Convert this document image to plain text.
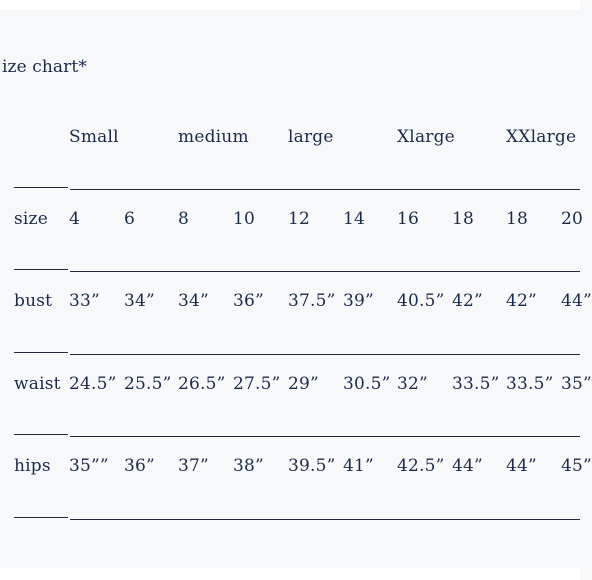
ize chart*
Small	medium large	Xlarge	XXlarge
size 4	6	8	10 12 14 16 18 18 20
bust 33” 34” 34” 36” 37.5” 39” 40.5” 42” 42” 44”
waist 24.5” 25.5” 26.5” 27.5” 29” 30.5” 32” 33.5” 33.5” 35”
hips 35”” 36” 37” 38” 39.5” 41” 42.5” 44” 44” 45”
